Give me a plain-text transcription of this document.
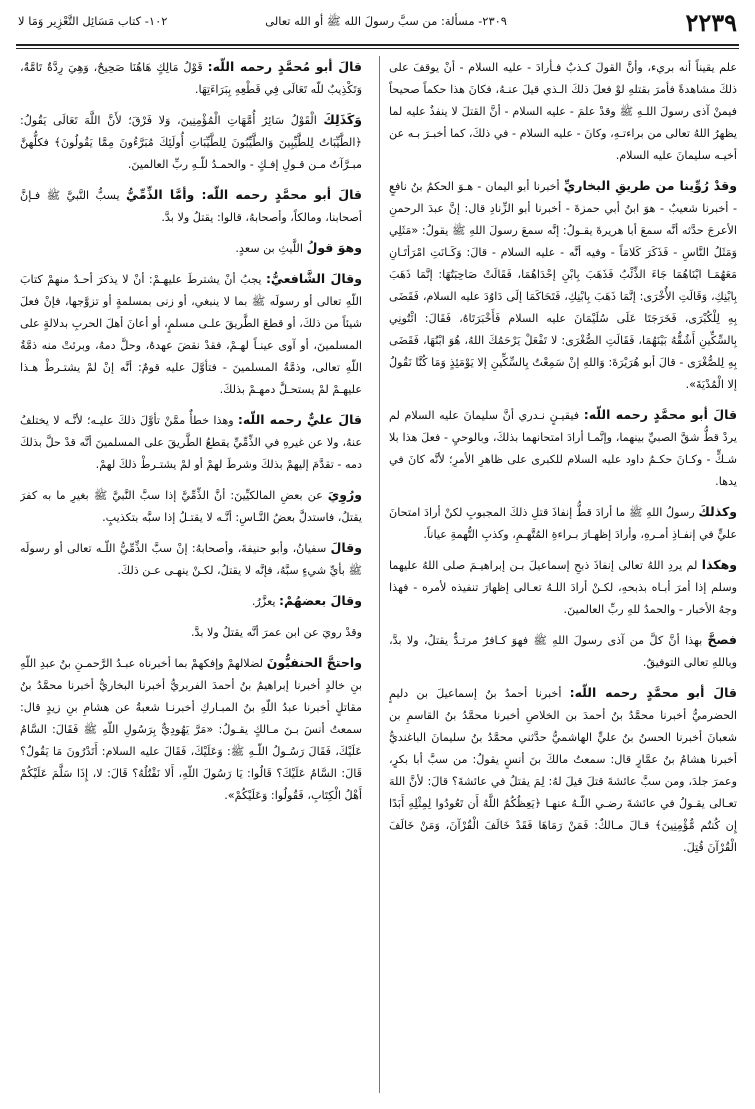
٢٢٣٩
٢٣٠٩- مسألة: من سبَّ رسولَ الله ﷺ أو الله تعالى
١٠٢- كتاب مَسَائِل التَّعْزِير وَمَا لا

علم يقيناً أنه بريء، وأنَّ القولَ كـذبٌ فـأرادَ - عليه السلام - أنْ يوقفَ على ذلكَ مشاهدةً فأمرَ بقتلهِ لوْ فعلَ ذلكَ الـذي قيلَ عنـهُ، فكانَ هذا حكماً صحيحاً فيمنْ آذى رسولَ اللـهِ ﷺ وقدْ علمَ - عليه السلام - أنَّ القتلَ لا ينفذُ عليه لما يظهرُ اللهُ تعالى من براءتـهِ، وكانَ - عليه السلام - في ذلكَ، كما أخبـرَ بـه عن أخيـه سليمانَ عليه السلام.

وقدْ رُوِّينا من طريقِ البخاريِّ أخبرنا أبو اليمان - هـوَ الحكمُ بنُ نافعٍ - أخبرنا شعيبٌ - هوَ ابنُ أبي حمزةَ - أخبرنا أبو الزِّنادِ قال: إنَّ عبدَ الرحمنِ الأعرجَ حدَّثه أنَّه سمعَ أبا هريرةَ يقـولُ: إنَّه سمعَ رسولَ اللهِ ﷺ يقولُ: «مَثَلِي وَمَثَلُ النَّاسِ - فَذَكَرَ كَلامَاً - وفيه أنَّه - عليه السلام - قالَ: وَكَـانَتِ امْرَأتَـانِ مَعَهُمَـا ابْنَاهُمَا جَاءَ الذِّئْبُ فَذَهَبَ بِابْنِ إحْدَاهُمَا، فَقَالَتْ صَاحِبَتُهَا: إنَّمَا ذَهَبَ بِابْنِكِ، وَقَالَتِ الأُخْرَى: إنَّمَا ذَهَبَ بِابْنِكِ، فَتَحَاكَمَا إلَى دَاوُدَ عليه السلام، فَقَضَى بِهِ لِلْكُبْرَى، فَخَرَجَتَا عَلَى سُلَيْمَانَ عليه السلام فَأَخْبَرَتَاهُ، فَقَالَ: ائْتُونِي بِالسِّكِّينِ أَشُقُّهُ بَيْنَهُمَا، فَقَالَتِ الصُّغْرَى: لا تَفْعَلْ يَرْحَمُكَ اللهُ، هُوَ ابْنُهَا، فَقَضَى بِهِ لِلصُّغْرَى - قالَ أبو هُرَيْرَةَ: وَاللهِ إنْ سَمِعْتُ بِالسِّكِّينِ إلا يَوْمَئِذٍ وَمَا كُنَّا نَقُولُ إلا الْمُدْيَةَ».

قالَ أبو محمَّدٍ رحمه اللّه: فيقيـنٍ نـدري أنَّ سليمانَ عليه السلام لم يردْ قطُّ شقَّ الصبيِّ بينهما، وإنَّمـا أرادَ امتحانهما بذلكَ، وبالوحيِ - فعلَ هذا بلا شـكٍّ - وكـانَ حكـمُ داود عليه السلام للكبرى على ظاهرِ الأمرِ؛ لأنَّه كانَ في يدها.

وكذلكَ رسولُ اللهِ ﷺ ما أرادَ قطُّ إنفاذَ قتلِ ذلكَ المجبوبِ لكنْ أرادَ امتحانَ عليٍّ في إنفـاذِ أمـرهِ، وأرادَ إظهـارَ بـراءةِ المُتَّهـمِ، وكذبِ التُّهمةِ عياناً.

وهكذا لم يردِ اللهُ تعالى إنفاذَ ذبحِ إسماعيلَ بـن إبراهيـمَ صلى اللهُ عليهما وسلم إذا أمرَ أبـاه بذبحهِ، لكـنْ أرادَ اللـهُ تعـالى إظهارَ تنفيذه لأمره - فهذا وجهُ الأخبار - والحمدُ للهِ ربِّ العالمينَ.

فصحَّ بهذا أنَّ كلَّ من آذى رسولَ اللهِ ﷺ فهوَ كـافرٌ مرتـدٌّ يقتلُ، ولا بدَّ، وباللهِ تعالى التوفيقُ.

قالَ أبو محمَّدٍ رحمه اللّه: أخبرنا أحمدُ بنُ إسماعيلَ بن دليمٍ الحضرميُّ أخبرنا محمَّدُ بنُ أحمدَ بن الخلاصِ أخبرنا محمَّدُ بنُ القاسمِ بن شعبانَ أخبرنا الحسنُ بنُ عليٍّ الهاشميُّ حدَّثني محمَّدُ بنُ سليمانَ الباغنديُّ أخبرنا هشامُ بنُ عمَّارٍ قال: سمعتُ مالكَ بنَ أنسٍ يقولُ: من سبَّ أبا بكرٍ، وعمرَ جلدَ، ومن سبَّ عائشةَ قتلَ قيلَ لهُ: لِمَ يقتلُ في عائشةَ؟ قالَ: لأنَّ اللهَ تعـالى يقـولُ في عائشةَ رضـي اللّـهُ عنهـا ﴿يَعِظُكُمُ اللَّهُ أَن تَعُودُوا لِمِثْلِهِ أَبَدًا إِن كُنتُم مُّؤْمِنِينَ﴾ قـالَ مـالكٌ: فَمَنْ رَمَاهَا فَقَدْ خَالَفَ الْقُرْآنَ، وَمَنْ خَالَفَ الْقُرْآنَ قُتِلَ.

قالَ أبو مُحمَّدٍ رحمه اللّه: قَوْلُ مَالِكٍ هَاهُنَا صَحِيحٌ، وَهِيَ رِدَّةٌ تَامَّةٌ، وَتَكْذِيبٌ للّه تَعَالَى فِي قَطْعِهِ بِبَرَاءَتِهَا.

وَكَذَلِكَ الْقَوْلُ سَائِرُ أُمَّهَاتِ الْمُؤْمِنِينَ، وَلا فَرْقَ؛ لأَنَّ اللَّهَ تَعَالَى يَقُولُ: ﴿الطَّيِّبَاتُ لِلطَّيِّبِينَ وَالطَّيِّبُونَ لِلطَّيِّبَاتِ أُولَئِكَ مُبَرَّءُونَ مِمَّا يَقُولُونَ﴾ فكلُّهنَّ مبـرَّآتٌ مـن قـولِ إفـكٍ - والحمـدُ للّـهِ ربِّ العالمينَ.

قالَ أبو محمَّدٍ رحمه اللّه: وأمَّا الذِّمِّيُّ يسبُّ النَّبيَّ ﷺ فـإنَّ أصحابنا، ومالكاً، وأصحابهُ، قالوا: يقتلُ ولا بدَّ.

وهوَ قولُ اللَّيثِ بن سعدٍ.

وقالَ الشَّافعيُّ: يجبُ أنْ يشترطَ عليهـمْ: أنْ لا يذكرَ أحـدٌ منهمْ كتابَ اللّهِ تعالى أو رسولَه ﷺ بما لا ينبغي، أو زنى بمسلمةٍ أو تزوَّجها، فإنْ فعلَ شيئاً من ذلكَ، أو قطعَ الطَّريقَ علـى مسلمٍ، أو أعانَ أهلَ الحربِ بدلالةٍ على المسلمينَ، أو آوى عينـاً لهـمْ، فقدْ نقضَ عهدهُ، وحلَّ دمهُ، وبرئتْ منه ذمَّةُ اللّهِ تعالى، وذمَّةُ المسلمينَ - فتأوَّلَ عليه قومٌ: أنَّه إنْ لمْ يشتـرطْ هـذا عليهـمْ لمْ يستحـلَّ دمهـمْ بذلكَ.

قالَ عليٌّ رحمه اللّه: وهذا خطأٌ ممَّنْ تأوَّلَ ذلكَ عليـه؛ لأنَّـه لا يختلفُ عنهُ، ولا عن غيرهِ في الذِّمِّيِّ يقطعُ الطَّريقَ على المسلمينَ أنَّه قدْ حلَّ بذلكَ دمه - تقدَّمَ إليهمْ بذلكَ وشرطَ لهمْ أو لمْ يشتـرطْ ذلكَ لهمْ.

ورُوِيَ عن بعضِ المالكيِّينَ: أنَّ الذِّمِّيَّ إذا سبَّ النَّبيَّ ﷺ بغيرِ ما به كفرَ يقتلُ، فاستدلَّ بعضُ النَّـاسِ: أنَّـه لا يقتـلُ إذا سبَّه بتكذيبٍ.

وقالَ سفيانُ، وأبو حنيفةَ، وأصحابهُ: إنْ سبَّ الذِّمِّيُّ اللّـه تعالى أو رسولَه ﷺ بأيِّ شيءٍ سبَّهُ، فإنَّه لا يقتلُ، لكـنْ ينهـى عـن ذلكَ.

وقالَ بعضهُمْ: يعزَّرُ.

وقدْ رويَ عن ابن عمرَ أنَّه يقتلُ ولا بدَّ.

واحتجَّ الحنفيُّونَ لضلالهمْ وإفكهمْ بما أخبرناه عبـدُ الرَّحمـنِ بنُ عبدِ اللّهِ بنِ خالدٍ أخبرنا إبراهيمُ بنُ أحمدَ الفربريُّ أخبرنا البخاريُّ أخبرنا محمَّدُ بنُ مقاتلٍ أخبرنا عبدُ اللّهِ بنُ المبـاركِ أخبرنـا شعبةُ عن هشامِ بنِ زيدٍ قال: سمعتُ أنسَ بـنَ مـالكٍ يقـولُ: «مَرَّ يَهُودِيٌّ بِرَسُولِ اللّهِ ﷺ فَقَالَ: السَّامُ عَلَيْكَ، فَقَالَ رَسُـولُ اللّـهِ ﷺ: وَعَلَيْكَ، فَقَالَ عليه السلام: أَتَدْرُونَ مَا يَقُولُ؟ قَالَ: السَّامُ عَلَيْكَ؟ قَالُوا: يَا رَسُولَ اللّهِ، أَلا نَقْتُلُهُ؟ قَالَ: لا، إِذَا سَلَّمَ عَلَيْكُمْ أَهْلُ الْكِتَابِ، فَقُولُوا: وَعَلَيْكُمْ».
